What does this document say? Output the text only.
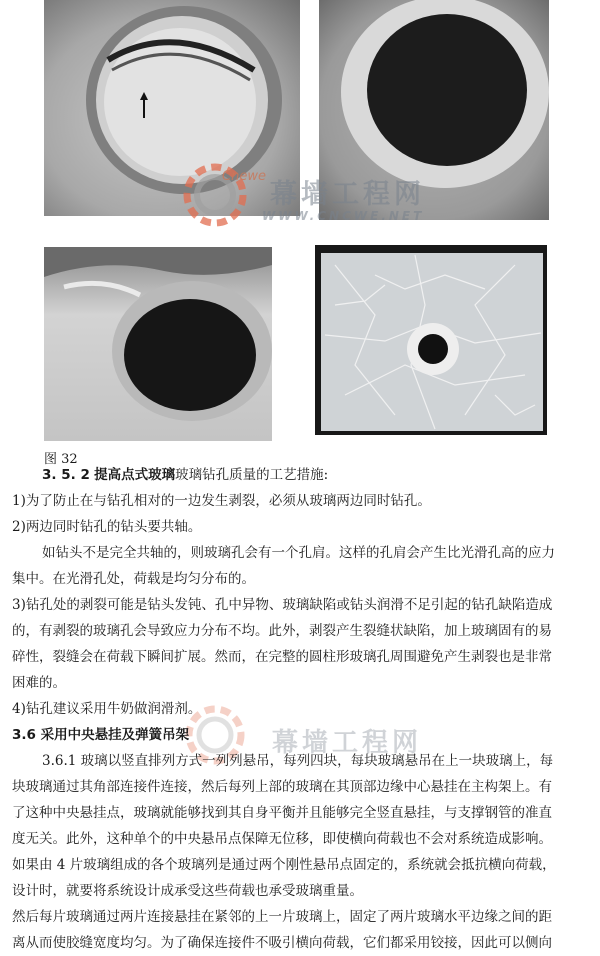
幕墙工程网
WWW.CNCWE.NET
幕墙工程网
Cnewe
图 32
3. 5. 2 提高点式玻璃玻璃钻孔质量的工艺措施:
1)为了防止在与钻孔相对的一边发生剥裂，必须从玻璃两边同时钻孔。
2)两边同时钻孔的钻头要共轴。
如钻头不是完全共轴的，则玻璃孔会有一个孔肩。这样的孔肩会产生比光滑孔高的应力
集中。在光滑孔处，荷载是均匀分布的。
3)钻孔处的剥裂可能是钻头发钝、孔中异物、玻璃缺陷或钻头润滑不足引起的钻孔缺陷造成
的，有剥裂的玻璃孔会导致应力分布不均。此外，剥裂产生裂缝状缺陷，加上玻璃固有的易
碎性，裂缝会在荷载下瞬间扩展。然而，在完整的圆柱形玻璃孔周围避免产生剥裂也是非常
困难的。
4)钻孔建议采用牛奶做润滑剂。
3.6 采用中央悬挂及弹簧吊架
3.6.1 玻璃以竖直排列方式一列列悬吊，每列四块，每块玻璃悬吊在上一块玻璃上，每
块玻璃通过其角部连接件连接，然后每列上部的玻璃在其顶部边缘中心悬挂在主构架上。有
了这种中央悬挂点，玻璃就能够找到其自身平衡并且能够完全竖直悬挂，与支撑钢管的准直
度无关。此外，这种单个的中央悬吊点保障无位移，即使横向荷载也不会对系统造成影响。
如果由 4 片玻璃组成的各个玻璃列是通过两个刚性悬吊点固定的，系统就会抵抗横向荷载，
设计时，就要将系统设计成承受这些荷载也承受玻璃重量。
然后每片玻璃通过两片连接悬挂在紧邻的上一片玻璃上，固定了两片玻璃水平边缘之间的距
离从而使胶缝宽度均匀。为了确保连接件不吸引横向荷载，它们都采用铰接，因此可以侧向
